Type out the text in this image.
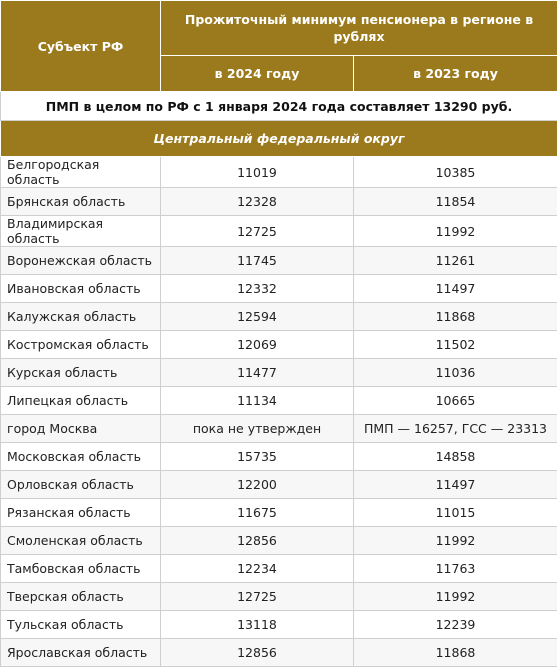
Субъект РФ	Прожиточный минимум пенсионера в регионе в рублях	
	в 2024 году	в 2023 году
ПМП в целом по РФ с 1 января 2024 года составляет 13290 руб.		
Центральный федеральный округ		
Белгородская область	11019	10385
Брянская область	12328	11854
Владимирская область	12725	11992
Воронежская область	11745	11261
Ивановская область	12332	11497
Калужская область	12594	11868
Костромская область	12069	11502
Курская область	11477	11036
Липецкая область	11134	10665
город Москва	пока не утвержден	ПМП — 16257, ГСС — 23313
Московская область	15735	14858
Орловская область	12200	11497
Рязанская область	11675	11015
Смоленская область	12856	11992
Тамбовская область	12234	11763
Тверская область	12725	11992
Тульская область	13118	12239
Ярославская область	12856	11868
